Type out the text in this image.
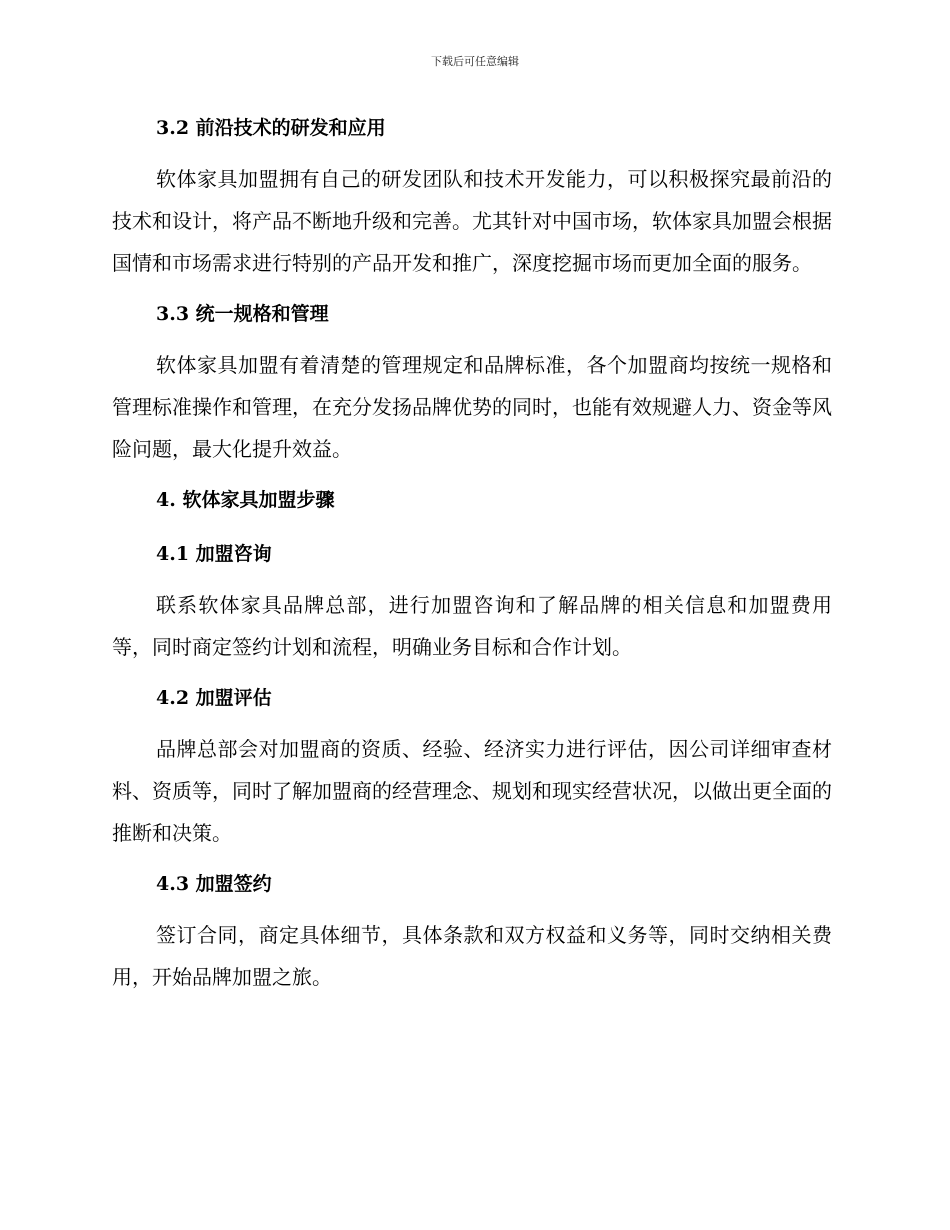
下载后可任意编辑
3.2 前沿技术的研发和应用

软体家具加盟拥有自己的研发团队和技术开发能力，可以积极探究最前沿的技术和设计，将产品不断地升级和完善。尤其针对中国市场，软体家具加盟会根据国情和市场需求进行特别的产品开发和推广，深度挖掘市场而更加全面的服务。

3.3 统一规格和管理

软体家具加盟有着清楚的管理规定和品牌标准，各个加盟商均按统一规格和管理标准操作和管理，在充分发扬品牌优势的同时，也能有效规避人力、资金等风险问题，最大化提升效益。

4. 软体家具加盟步骤
4.1 加盟咨询

联系软体家具品牌总部，进行加盟咨询和了解品牌的相关信息和加盟费用等，同时商定签约计划和流程，明确业务目标和合作计划。

4.2 加盟评估

品牌总部会对加盟商的资质、经验、经济实力进行评估，因公司详细审查材料、资质等，同时了解加盟商的经营理念、规划和现实经营状况，以做出更全面的推断和决策。

4.3 加盟签约

签订合同，商定具体细节，具体条款和双方权益和义务等，同时交纳相关费用，开始品牌加盟之旅。
